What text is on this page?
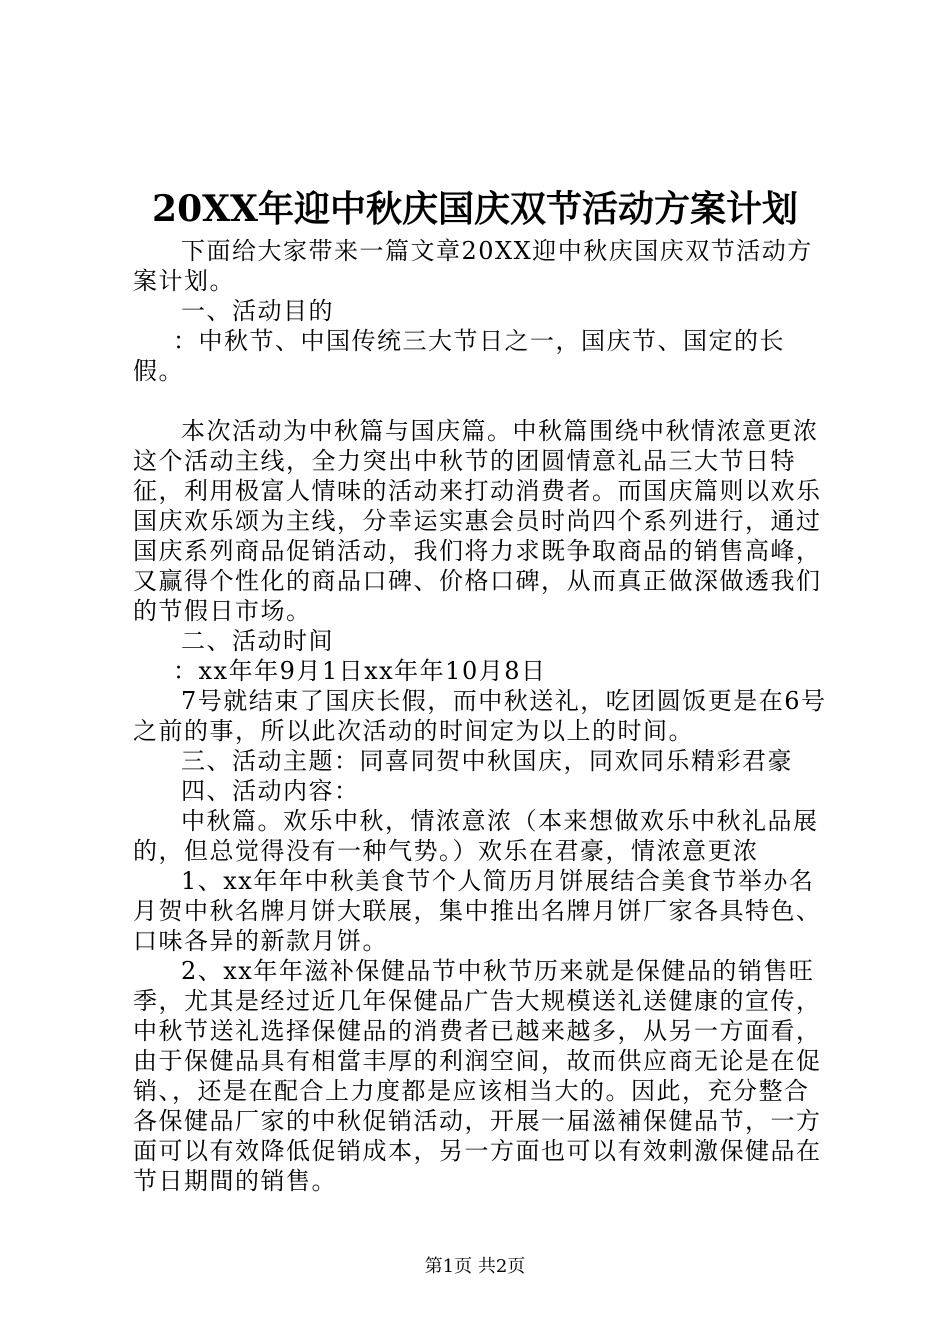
20XX年迎中秋庆国庆双节活动方案计划

下面给大家带来一篇文章20XX迎中秋庆国庆双节活动方案计划。

一、活动目的

：中秋节、中国传统三大节日之一，国庆节、国定的长假。

本次活动为中秋篇与国庆篇。中秋篇围绕中秋情浓意更浓这个活动主线，全力突出中秋节的团圆情意礼品三大节日特征，利用极富人情味的活动来打动消费者。而国庆篇则以欢乐国庆欢乐颂为主线，分幸运实惠会员时尚四个系列进行，通过国庆系列商品促销活动，我们将力求既争取商品的销售高峰，又赢得个性化的商品口碑、价格口碑，从而真正做深做透我们的节假日市场。

二、活动时间

：xx年年9月1日xx年年10月8日

7号就结束了国庆长假，而中秋送礼，吃团圆饭更是在6号之前的事，所以此次活动的时间定为以上的时间。

三、活动主题：同喜同贺中秋国庆，同欢同乐精彩君豪

四、活动内容：

中秋篇。欢乐中秋，情浓意浓（本来想做欢乐中秋礼品展的，但总觉得没有一种气势。）欢乐在君豪，情浓意更浓

1、xx年年中秋美食节个人简历月饼展结合美食节举办名月贺中秋名牌月饼大联展，集中推出名牌月饼厂家各具特色、口味各异的新款月饼。

2、xx年年滋补保健品节中秋节历来就是保健品的销售旺季，尤其是经过近几年保健品广告大规模送礼送健康的宣传，中秋节送礼选择保健品的消费者已越来越多，从另一方面看，由于保健品具有相當丰厚的利润空间，故而供应商无论是在促销、，还是在配合上力度都是应该相当大的。因此，充分整合各保健品厂家的中秋促销活动，开展一届滋補保健品节，一方面可以有效降低促销成本，另一方面也可以有效剌激保健品在节日期間的销售。

第1页 共2页
